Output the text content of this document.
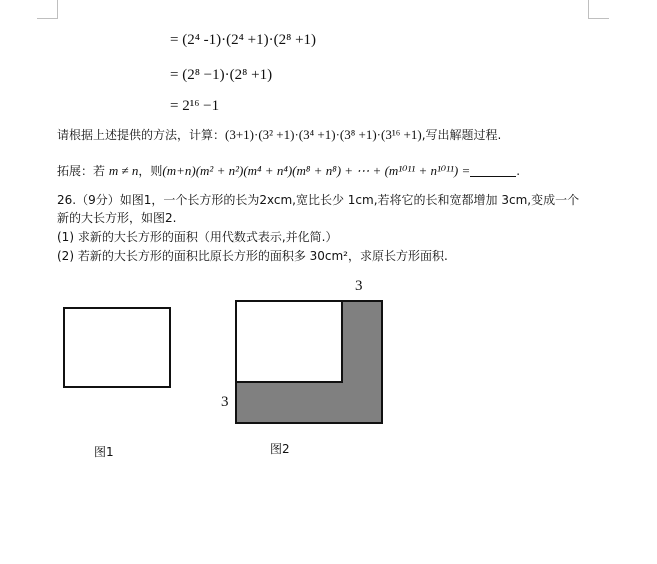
= (2⁴ -1)·(2⁴ +1)·(2⁸ +1)
= (2⁸ −1)·(2⁸ +1)
= 2¹⁶ −1
请根据上述提供的方法，计算：(3+1)·(3² +1)·(3⁴ +1)·(3⁸ +1)·(3¹⁶ +1),写出解题过程.
拓展：若 m ≠ n，则(m+n)(m² + n²)(m⁴ + n⁴)(m⁸ + n⁸) + ⋯ + (m¹⁰¹¹ + n¹⁰¹¹) =	.
26.（9分）如图1，一个长方形的长为2xcm,宽比长少 1cm,若将它的长和宽都增加 3cm,变成一个
新的大长方形，如图2.
(1) 求新的大长方形的面积（用代数式表示,并化简.）
(2) 若新的大长方形的面积比原长方形的面积多 30cm²，求原长方形面积.
图1
3
3
图2
